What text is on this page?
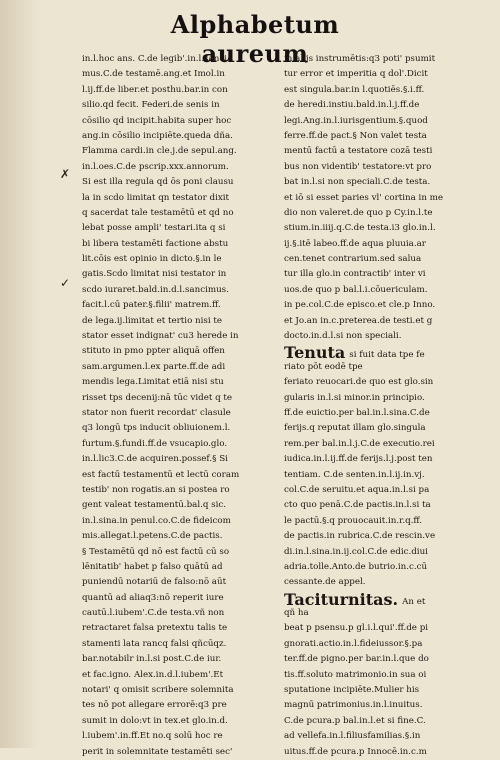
Alphabetum aureum
✗
✓
in.l.hoc ans. C.de legib'.in.l.sanci
mus.C.de testamē.ang.et Imol.in
l.ij.ff.de liber.et posthu.bar.in con
silio.qd fecit. Federi.de senis in
cōsilio qd incipit.habita super hoc
ang.in cōsilio incipiēte.queda dña.
Flamma cardi.in cle.j.de sepul.ang.
in.l.oes.C.de pscrip.xxx.annorum.
Si est illa regula qd ōs poni clausu
la in scdo limitat qn testator dixit
q sacerdat tale testamētū et qd no
lebat posse ampli' testari.ita q si
bi libera testamēti factione abstu
lit.cōis est opinio in dicto.§.in le
gatis.Scdo limitat nisi testator in
scdo iuraret.bald.in.d.l.sancimus.
facit.l.cū pater.§.filii' matrem.ff.
de lega.ij.limitat et tertio nisi te
stator esset indignat' cu3 herede in
stituto in pmo ppter aliquā offen
sam.argumen.l.ex parte.ff.de adi
mendis lega.Limitat etiā nisi stu
risset tps decenij:nā tūc videt q te
stator non fuerit recordat' clasule
q3 longū tps inducit obliuionem.l.
furtum.§.fundi.ff.de vsucapio.glo.
in.l.lic3.C.de acquiren.possef.§ Si
est factū testamentū et lectū coram
testib' non rogatis.an si postea ro
gent valeat testamentū.bal.q sic.
in.l.sina.in penul.co.C.de fideicom
mis.allegat.l.petens.C.de pactis.
§ Testamētū qd nō est factū cū so
lēnitatib' habet p falso quātū ad
puniendū notariū de falso:nō aūt
quantū ad aliaq3:nō reperit iure
cautū.l.iubem'.C.de testa.vñ non
retractaret falsa pretextu talis te
stamenti lata rancq falsi qñcūqz.
bar.notabilr in.l.si post.C.de iur.
et fac.igno. Alex.in.d.l.iubem'.Et
notari' q omisit scribere solemnita
tes nō pot allegare errorē:q3 pre
sumit in dolo:vt in tex.et glo.in.d.
l.iubem'.in.ff.Et no.q solū hoc re
perit in solemnitate testamēti sec'
in alijs instrumētis:q3 poti' psumit
tur error et imperitia q dol'.Dicit
est singula.bar.in l.quotiēs.§.i.ff.
de heredi.instiu.bald.in.l.j.ff.de
legi.Ang.in.l.iurisgentium.§.quod
ferre.ff.de pact.§ Non valet testa
mentū factū a testatore cozā testi
bus non videntib' testatore:vt pro
bat in.l.si non speciali.C.de testa.
et iō si esset paries vl' cortina in me
dio non valeret.de quo p Cy.in.l.te
stium.in.iiij.q.C.de testa.i3 glo.in.l.
ij.§.itē labeo.ff.de aqua pluuia.ar
cen.tenet contrarium.sed salua
tur illa glo.in contractib' inter vi
uos.de quo p bal.l.i.cōuericulam.
in pe.col.C.de episco.et cle.p Inno.
et Jo.an in.c.preterea.de testi.et g
docto.in.d.l.si non speciali.
Tenuta si fuit data tpe fe
riato pōt eodē tpe
feriato reuocari.de quo est glo.sin
gularis in.l.si minor.in principio.
ff.de euictio.per bal.in.l.sina.C.de
ferijs.q reputat illam glo.singula
rem.per bal.in.l.j.C.de executio.rei
iudica.in.l.ij.ff.de ferijs.l.j.post ten
tentiam. C.de senten.in.l.ij.in.vj.
col.C.de seruitu.et aqua.in.l.si pa
cto quo penā.C.de pactis.in.l.si ta
le pactū.§.q prouocauit.in.r.q.ff.
de pactis.in rubrica.C.de rescin.ve
di.in.l.sina.in.ij.col.C.de edic.diui
adria.tolle.Anto.de butrio.in.c.cū
cessante.de appel.
Taciturnitas. An et
qñ ha
beat p psensu.p gl.i.l.qui'.ff.de pi
gnorati.actio.in.l.fideiussor.§.pa
ter.ff.de pigno.per bar.in.l.que do
tis.ff.soluto matrimonio.in sua oi
sputatione incipiēte.Mulier his
magnū patrimonius.in.l.inuitus.
C.de pcura.p bal.in.l.et si fine.C.
ad vellefa.in.l.filiusfamilias.§.in
uitus.ff.de pcura.p Innocē.in.c.m
